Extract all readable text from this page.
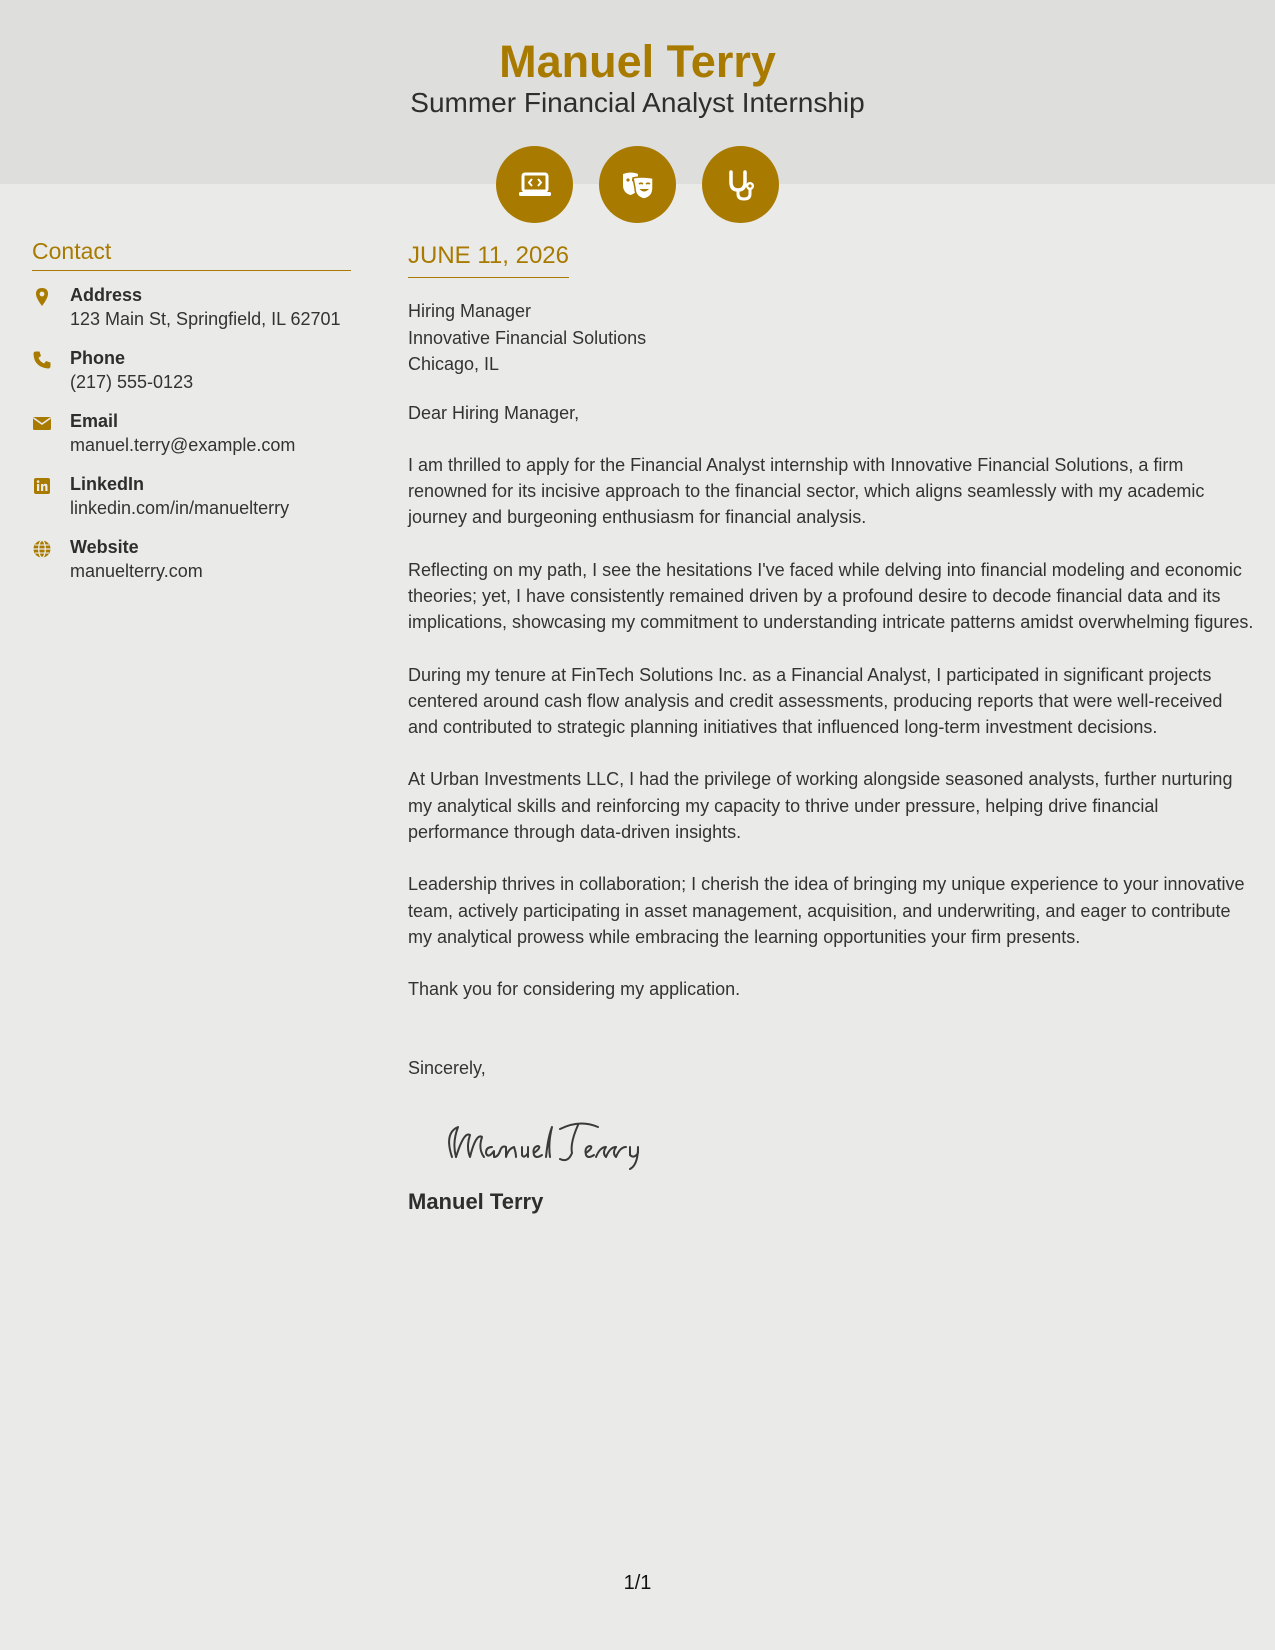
Manuel Terry
Summer Financial Analyst Internship
Contact
Address
123 Main St, Springfield, IL 62701
Phone
(217) 555-0123
Email
manuel.terry@example.com
LinkedIn
linkedin.com/in/manuelterry
Website
manuelterry.com
JUNE 11, 2026
Hiring Manager
Innovative Financial Solutions
Chicago, IL
Dear Hiring Manager,
I am thrilled to apply for the Financial Analyst internship with Innovative Financial Solutions, a firm renowned for its incisive approach to the financial sector, which aligns seamlessly with my academic journey and burgeoning enthusiasm for financial analysis.
Reflecting on my path, I see the hesitations I've faced while delving into financial modeling and economic theories; yet, I have consistently remained driven by a profound desire to decode financial data and its implications, showcasing my commitment to understanding intricate patterns amidst overwhelming figures.
During my tenure at FinTech Solutions Inc. as a Financial Analyst, I participated in significant projects centered around cash flow analysis and credit assessments, producing reports that were well-received and contributed to strategic planning initiatives that influenced long-term investment decisions.
At Urban Investments LLC, I had the privilege of working alongside seasoned analysts, further nurturing my analytical skills and reinforcing my capacity to thrive under pressure, helping drive financial performance through data-driven insights.
Leadership thrives in collaboration; I cherish the idea of bringing my unique experience to your innovative team, actively participating in asset management, acquisition, and underwriting, and eager to contribute my analytical prowess while embracing the learning opportunities your firm presents.
Thank you for considering my application.
Sincerely,
Manuel Terry
1/1
